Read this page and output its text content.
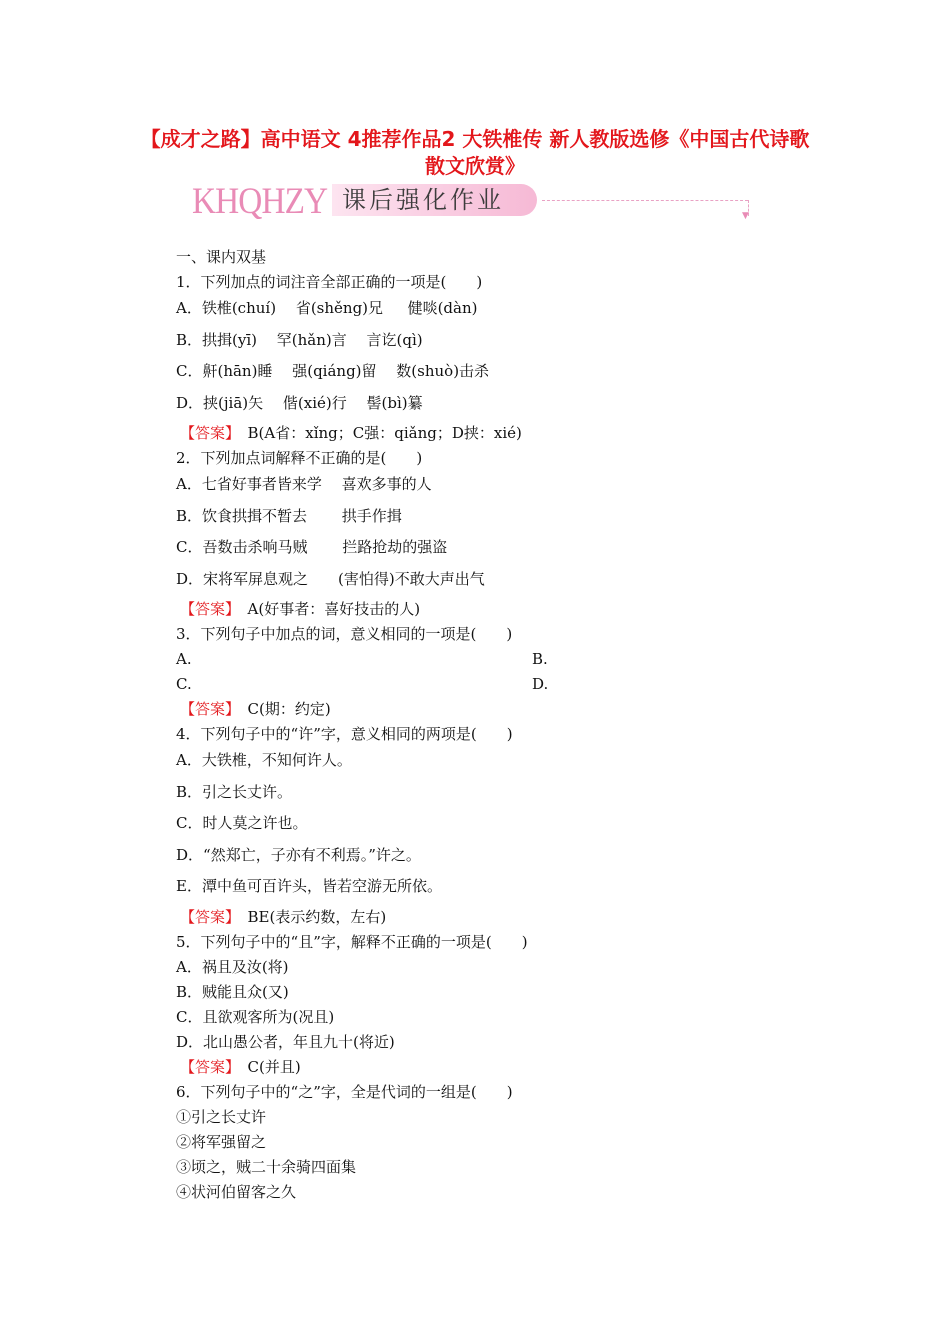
【成才之路】高中语文 4推荐作品2 大铁椎传 新人教版选修《中国古代诗歌散文欣赏》
KHQHZY 课后强化作业
▼
一、课内双基
1．下列加点的词注音全部正确的一项是(　　)
A．铁椎(chuí)　 省(shěng)兄 　 健啖(dàn)
B．拱揖(yī)　 罕(hǎn)言　 言讫(qì)
C．鼾(hān)睡　 强(qiáng)留　 数(shuò)击杀
D．挟(jiā)矢　 偕(xié)行　 髻(bì)纂
【答案】　 B(A省：xǐng；C强：qiǎng；D挟：xié)
2．下列加点词解释不正确的是(　　)
A．七省好事者皆来学　 喜欢多事的人
B．饮食拱揖不暂去　　 拱手作揖
C．吾数击杀响马贼　　 拦路抢劫的强盗
D．宋将军屏息观之　　(害怕得)不敢大声出气
【答案】　 A(好事者：喜好技击的人)
3．下列句子中加点的词，意义相同的一项是(　　)
A.	B.
C.	D.
【答案】　 C(期：约定)
4．下列句子中的“许”字，意义相同的两项是(　　)
A．大铁椎，不知何许人。
B．引之长丈许。
C．时人莫之许也。
D．“然郑亡，子亦有不利焉。”许之。
E．潭中鱼可百许头，皆若空游无所依。
【答案】　 BE(表示约数，左右)
5．下列句子中的“且”字，解释不正确的一项是(　　)
A．祸且及汝(将)
B．贼能且众(又)
C．且欲观客所为(况且)
D．北山愚公者，年且九十(将近)
【答案】　 C(并且)
6．下列句子中的“之”字，全是代词的一组是(　　)
①引之长丈许
②将军强留之
③顷之，贼二十余骑四面集
④状河伯留客之久
